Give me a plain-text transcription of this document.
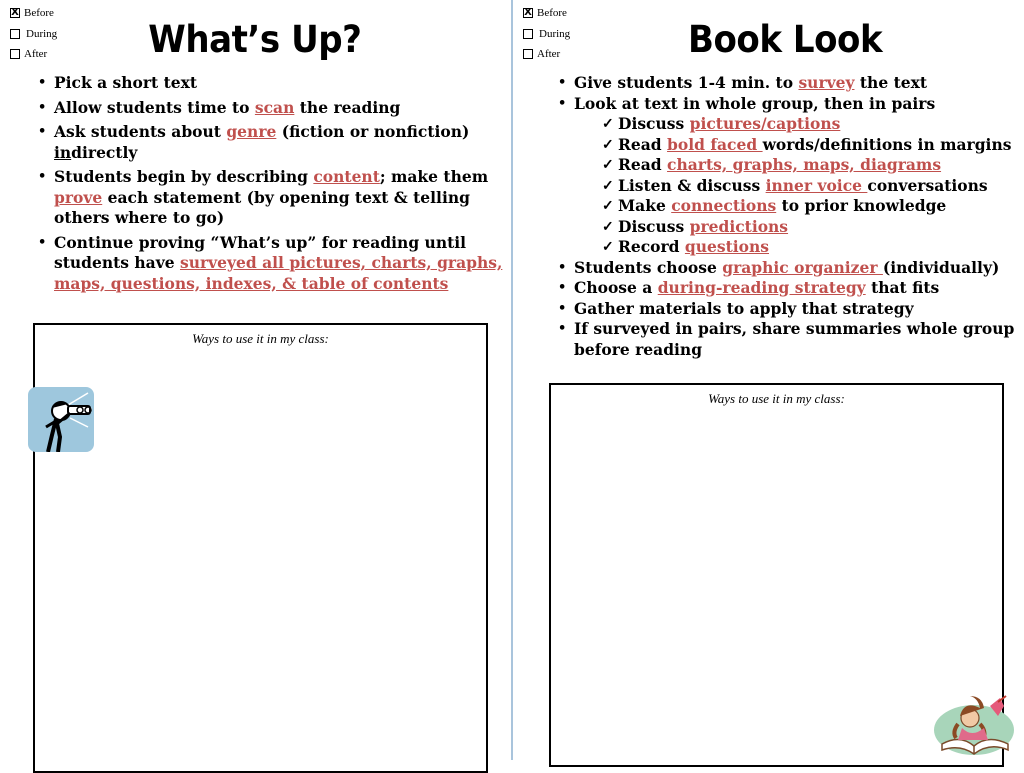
X Before
During
After	What’s Up?
• Pick a short text
• Allow students time to scan the reading
• Ask students about genre (fiction or nonfiction) indirectly
• Students begin by describing content; make them prove each statement (by opening text & telling others where to go)
• Continue proving “What’s up” for reading until students have surveyed all pictures, charts, graphs, maps, questions, indexes, & table of contents
Ways to use it in my class:
X Before
During
After	Book Look
• Give students 1-4 min. to survey the text
• Look at text in whole group, then in pairs
✓ Discuss pictures/captions
✓ Read bold faced words/definitions in margins
✓ Read charts, graphs, maps, diagrams
✓ Listen & discuss inner voice conversations
✓ Make connections to prior knowledge
✓ Discuss predictions
✓ Record questions
• Students choose graphic organizer (individually)
• Choose a during-reading strategy that fits
• Gather materials to apply that strategy
• If surveyed in pairs, share summaries whole group before reading
Ways to use it in my class:
